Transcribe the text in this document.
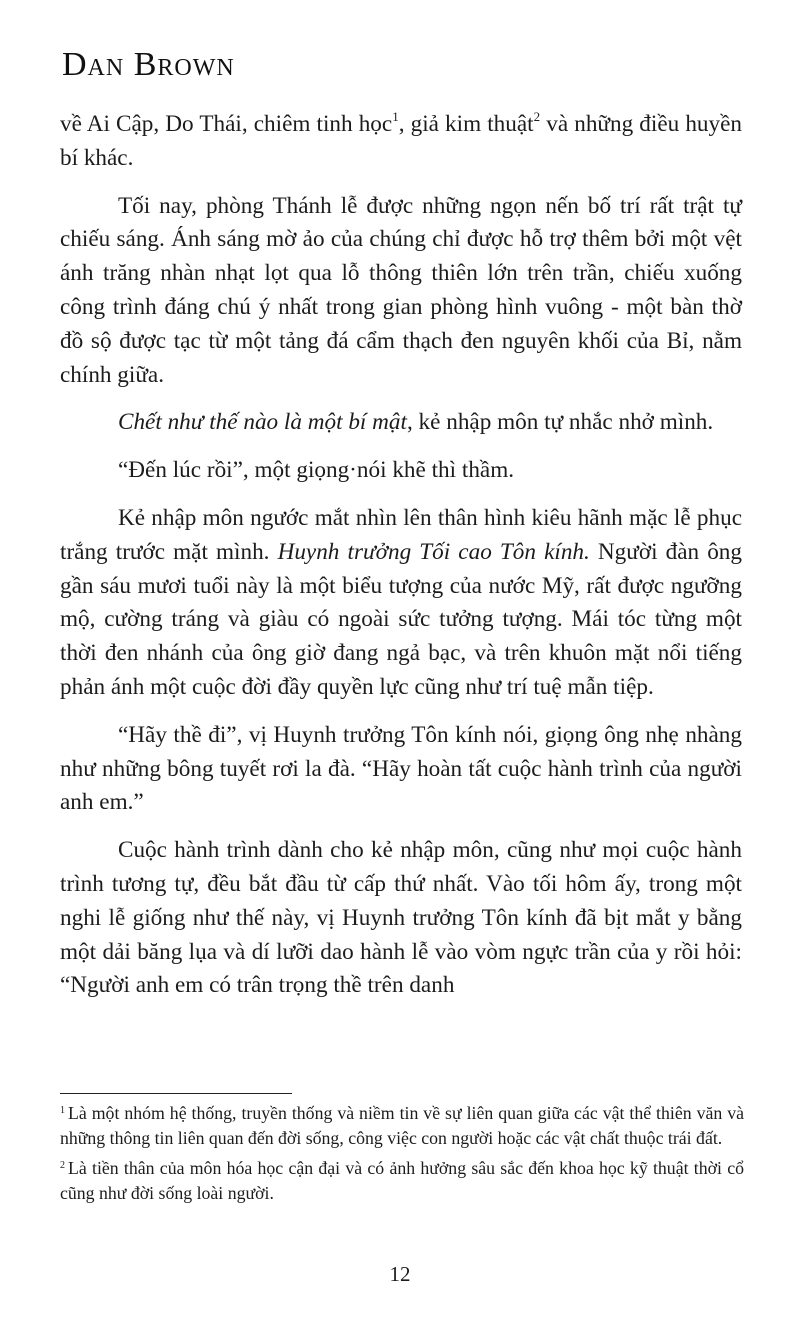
Dan Brown

về Ai Cập, Do Thái, chiêm tinh học$^1$, giả kim thuật$^2$ và những điều huyền bí khác.

Tối nay, phòng Thánh lễ được những ngọn nến bố trí rất trật tự chiếu sáng. Ánh sáng mờ ảo của chúng chỉ được hỗ trợ thêm bởi một vệt ánh trăng nhàn nhạt lọt qua lỗ thông thiên lớn trên trần, chiếu xuống công trình đáng chú ý nhất trong gian phòng hình vuông - một bàn thờ đồ sộ được tạc từ một tảng đá cẩm thạch đen nguyên khối của Bỉ, nằm chính giữa.

Chết như thế nào là một bí mật, kẻ nhập môn tự nhắc nhở mình.

“Đến lúc rồi”, một giọng·nói khẽ thì thầm.

Kẻ nhập môn ngước mắt nhìn lên thân hình kiêu hãnh mặc lễ phục trắng trước mặt mình. Huynh trưởng Tối cao Tôn kính. Người đàn ông gần sáu mươi tuổi này là một biểu tượng của nước Mỹ, rất được ngưỡng mộ, cường tráng và giàu có ngoài sức tưởng tượng. Mái tóc từng một thời đen nhánh của ông giờ đang ngả bạc, và trên khuôn mặt nổi tiếng phản ánh một cuộc đời đầy quyền lực cũng như trí tuệ mẫn tiệp.

“Hãy thề đi”, vị Huynh trưởng Tôn kính nói, giọng ông nhẹ nhàng như những bông tuyết rơi la đà. “Hãy hoàn tất cuộc hành trình của người anh em.”

Cuộc hành trình dành cho kẻ nhập môn, cũng như mọi cuộc hành trình tương tự, đều bắt đầu từ cấp thứ nhất. Vào tối hôm ấy, trong một nghi lễ giống như thế này, vị Huynh trưởng Tôn kính đã bịt mắt y bằng một dải băng lụa và dí lưỡi dao hành lễ vào vòm ngực trần của y rồi hỏi: “Người anh em có trân trọng thề trên danh

$^1$ Là một nhóm hệ thống, truyền thống và niềm tin về sự liên quan giữa các vật thể thiên văn và những thông tin liên quan đến đời sống, công việc con người hoặc các vật chất thuộc trái đất.

$^2$ Là tiền thân của môn hóa học cận đại và có ảnh hưởng sâu sắc đến khoa học kỹ thuật thời cổ cũng như đời sống loài người.

12
